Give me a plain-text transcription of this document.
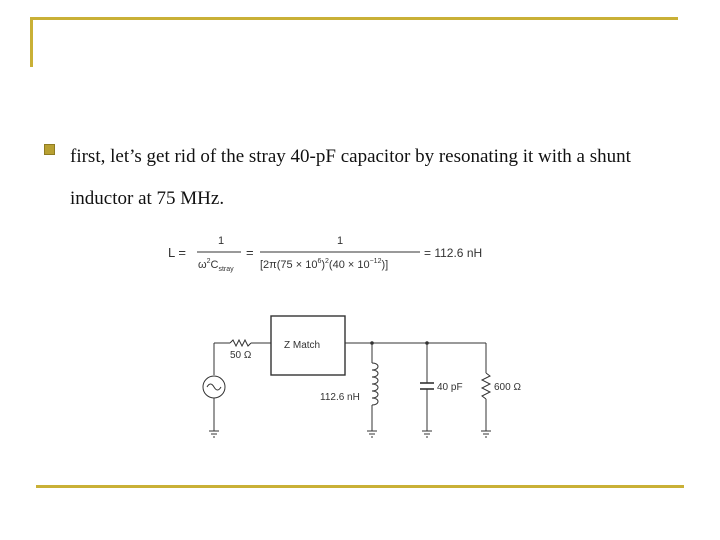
first, let’s get rid of the stray 40-pF capacitor by resonating it with a shunt inductor at 75 MHz.
L =
1
$\omega^2C_{stray}$
=
1
$[2\pi(75 \times 10^6)^2(40 \times 10^{-12})]$
= 112.6 nH
Z Match
50 Ω
112.6 nH
40 pF	600 Ω
